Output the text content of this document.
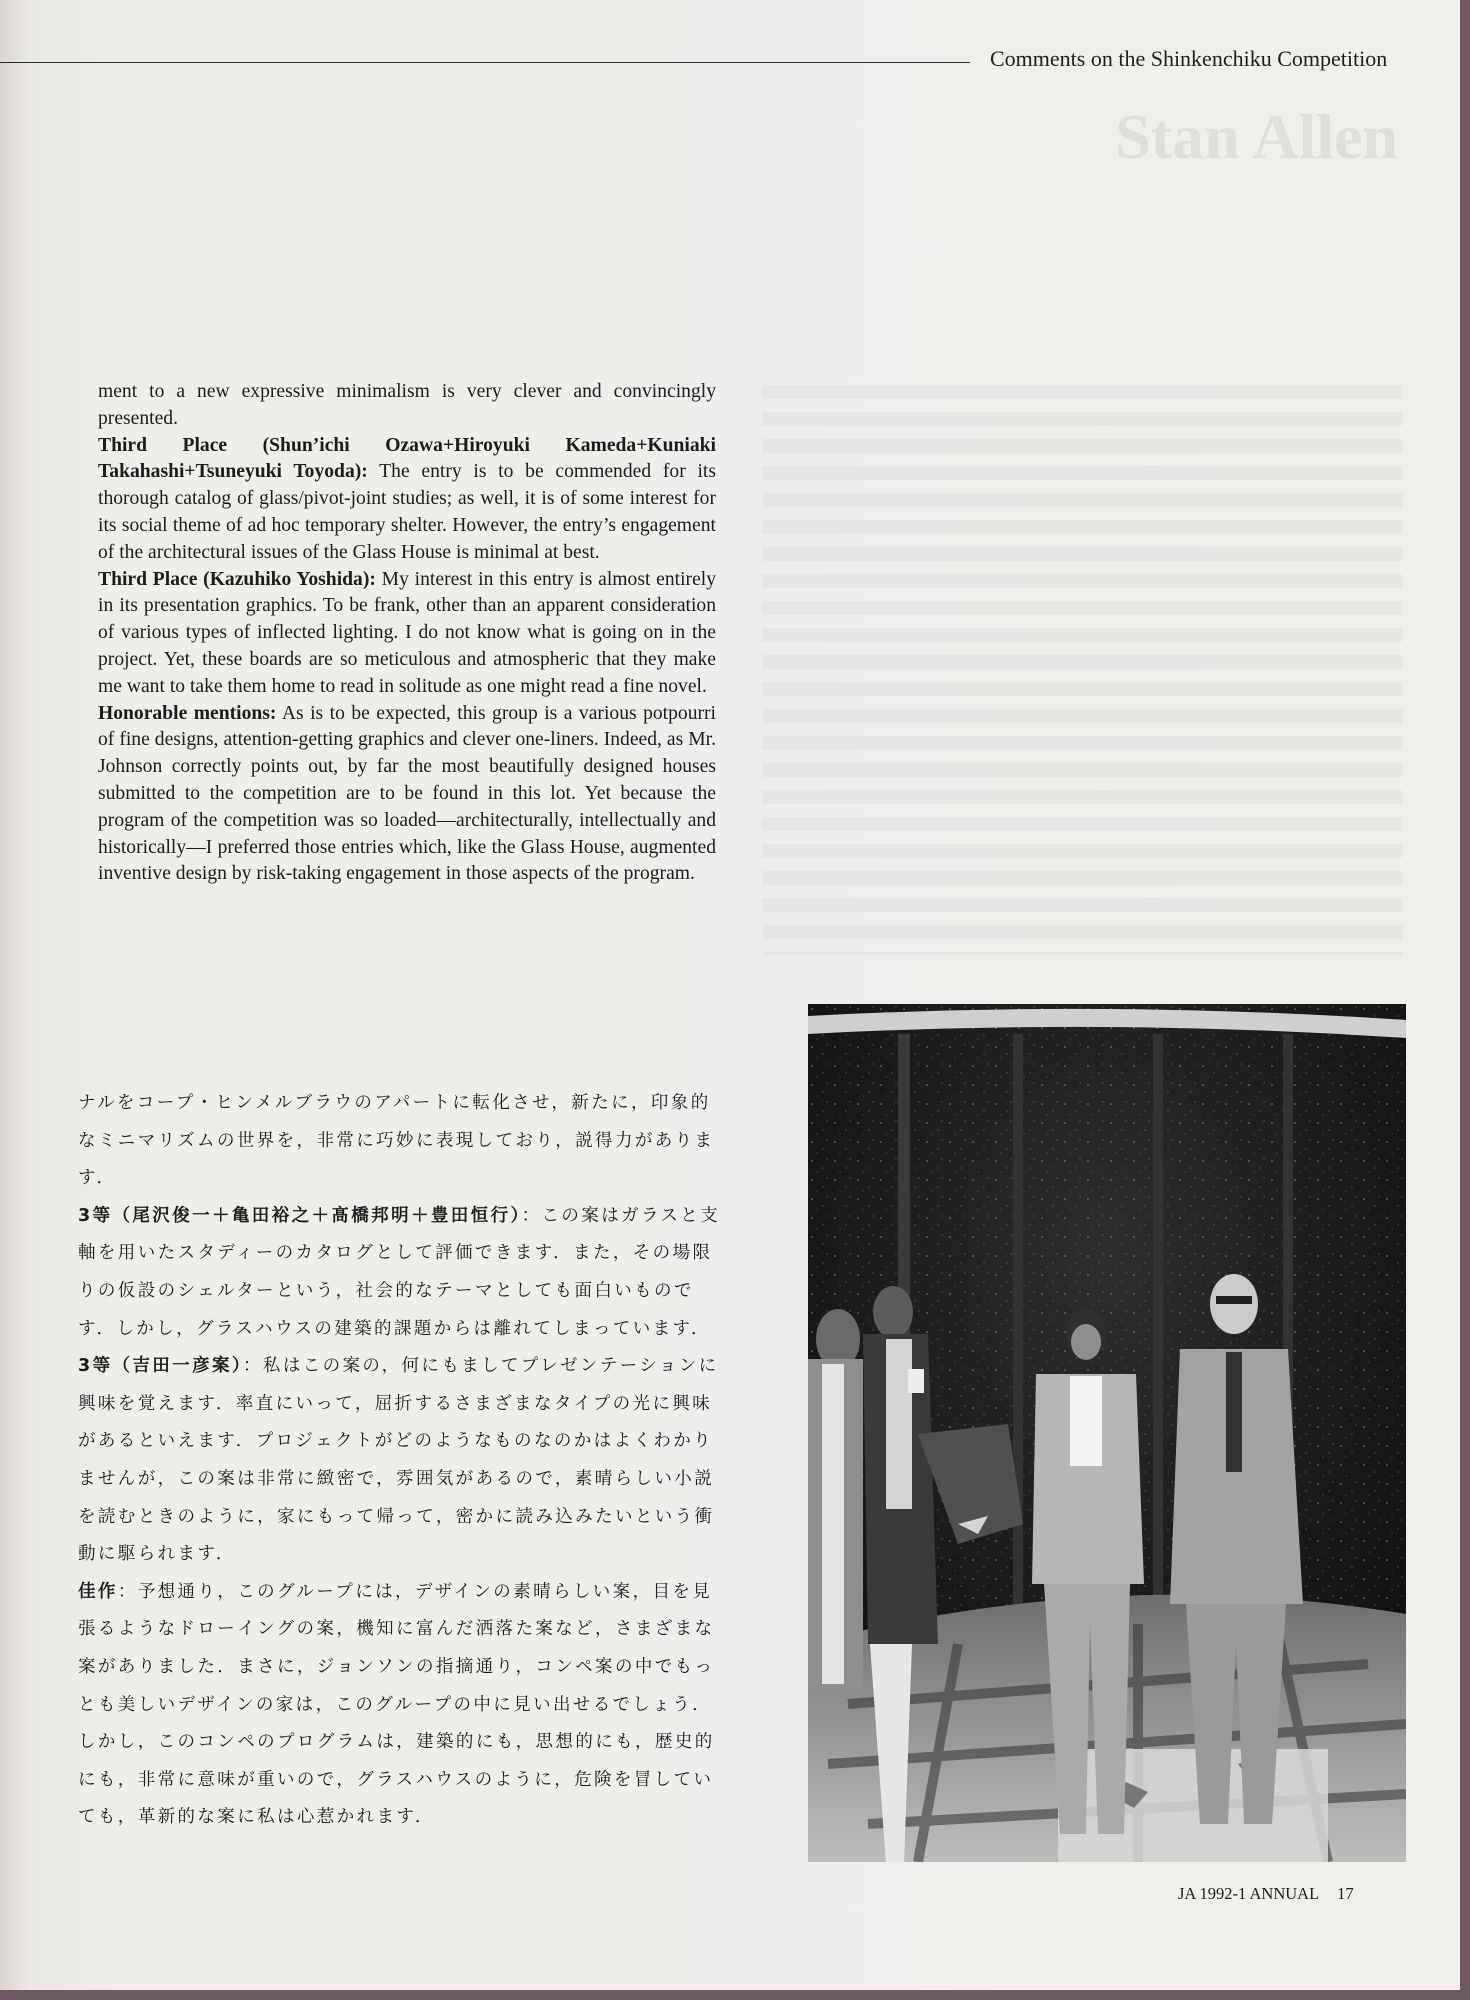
Comments on the Shinkenchiku Competition
Stan Allen

ment to a new expressive minimalism is very clever and convincingly presented.

Third Place (Shun’ichi Ozawa+Hiroyuki Kameda+Kuniaki Takahashi+Tsuneyuki Toyoda): The entry is to be commended for its thorough catalog of glass/pivot-joint studies; as well, it is of some interest for its social theme of ad hoc temporary shelter. However, the entry’s engagement of the architectural issues of the Glass House is minimal at best.

Third Place (Kazuhiko Yoshida): My interest in this entry is almost entirely in its presentation graphics. To be frank, other than an apparent consideration of various types of inflected lighting. I do not know what is going on in the project. Yet, these boards are so meticulous and atmospheric that they make me want to take them home to read in solitude as one might read a fine novel.

Honorable mentions: As is to be expected, this group is a various potpourri of fine designs, attention-getting graphics and clever one-liners. Indeed, as Mr. Johnson correctly points out, by far the most beautifully designed houses submitted to the competition are to be found in this lot. Yet because the program of the competition was so loaded—architecturally, intellectually and historically—I preferred those entries which, like the Glass House, augmented inventive design by risk-taking engagement in those aspects of the program.

ナルをコープ・ヒンメルブラウのアパートに転化させ，新たに，印象的なミニマリズムの世界を，非常に巧妙に表現しており，説得力がありま す．

3等（尾沢俊一＋亀田裕之＋髙橋邦明＋豊田恒行）：この案はガラスと支軸を用いたスタディーのカタログとして評価できます．また，その場限りの仮設のシェルターという，社会的なテーマとしても面白いものです．しかし，グラスハウスの建築的課題からは離れてしまっています．

3等（吉田一彦案）：私はこの案の，何にもましてプレゼンテーションに興味を覚えます．率直にいって，屈折するさまざまなタイプの光に興味があるといえます．プロジェクトがどのようなものなのかはよくわかりませんが，この案は非常に緻密で，雰囲気があるので，素晴らしい小説を読むときのように，家にもって帰って，密かに読み込みたいという衝動に駆られます．

佳作：予想通り，このグループには，デザインの素晴らしい案，目を見張るようなドローイングの案，機知に富んだ洒落た案など，さまざまな案がありました．まさに，ジョンソンの指摘通り，コンペ案の中でもっとも美しいデザインの家は，このグループの中に見い出せるでしょう．しかし，このコンペのプログラムは，建築的にも，思想的にも，歴史的にも，非常に意味が重いので，グラスハウスのように，危険を冒していても，革新的な案に私は心惹かれます．

JA 1992-1 ANNUAL 17
